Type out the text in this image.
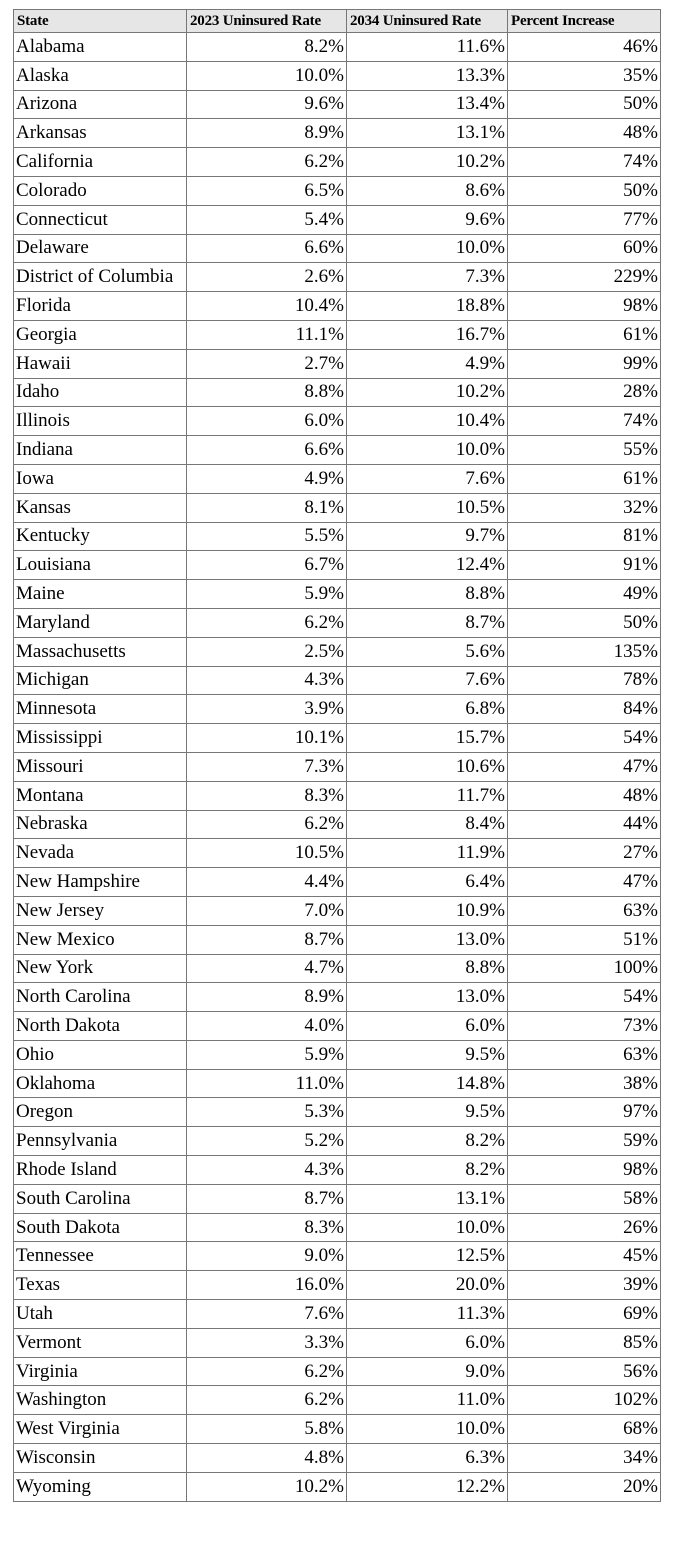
State	2023 Uninsured Rate	2034 Uninsured Rate	Percent Increase
Alabama	8.2%	11.6%	46%
Alaska	10.0%	13.3%	35%
Arizona	9.6%	13.4%	50%
Arkansas	8.9%	13.1%	48%
California	6.2%	10.2%	74%
Colorado	6.5%	8.6%	50%
Connecticut	5.4%	9.6%	77%
Delaware	6.6%	10.0%	60%
District of Columbia	2.6%	7.3%	229%
Florida	10.4%	18.8%	98%
Georgia	11.1%	16.7%	61%
Hawaii	2.7%	4.9%	99%
Idaho	8.8%	10.2%	28%
Illinois	6.0%	10.4%	74%
Indiana	6.6%	10.0%	55%
Iowa	4.9%	7.6%	61%
Kansas	8.1%	10.5%	32%
Kentucky	5.5%	9.7%	81%
Louisiana	6.7%	12.4%	91%
Maine	5.9%	8.8%	49%
Maryland	6.2%	8.7%	50%
Massachusetts	2.5%	5.6%	135%
Michigan	4.3%	7.6%	78%
Minnesota	3.9%	6.8%	84%
Mississippi	10.1%	15.7%	54%
Missouri	7.3%	10.6%	47%
Montana	8.3%	11.7%	48%
Nebraska	6.2%	8.4%	44%
Nevada	10.5%	11.9%	27%
New Hampshire	4.4%	6.4%	47%
New Jersey	7.0%	10.9%	63%
New Mexico	8.7%	13.0%	51%
New York	4.7%	8.8%	100%
North Carolina	8.9%	13.0%	54%
North Dakota	4.0%	6.0%	73%
Ohio	5.9%	9.5%	63%
Oklahoma	11.0%	14.8%	38%
Oregon	5.3%	9.5%	97%
Pennsylvania	5.2%	8.2%	59%
Rhode Island	4.3%	8.2%	98%
South Carolina	8.7%	13.1%	58%
South Dakota	8.3%	10.0%	26%
Tennessee	9.0%	12.5%	45%
Texas	16.0%	20.0%	39%
Utah	7.6%	11.3%	69%
Vermont	3.3%	6.0%	85%
Virginia	6.2%	9.0%	56%
Washington	6.2%	11.0%	102%
West Virginia	5.8%	10.0%	68%
Wisconsin	4.8%	6.3%	34%
Wyoming	10.2%	12.2%	20%
